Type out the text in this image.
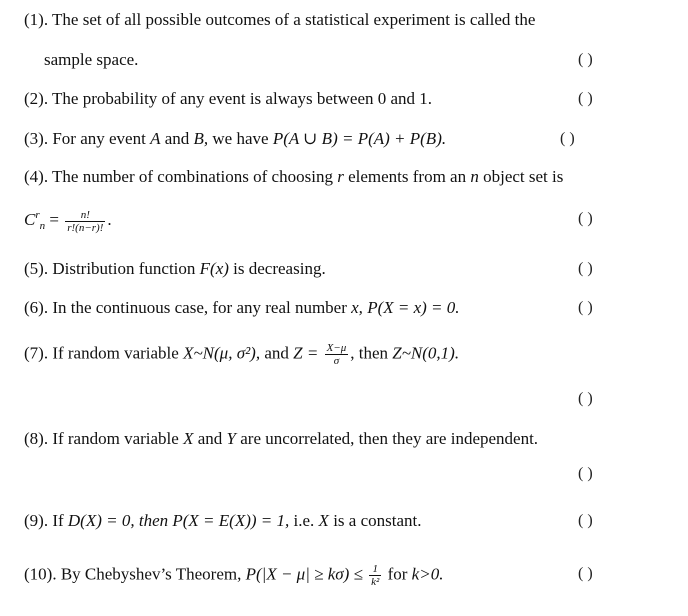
(1). The set of all possible outcomes of a statistical experiment is called the
sample space.	( )
(2). The probability of any event is always between 0 and 1.	( )
(3). For any event A and B, we have P(A ∪ B) = P(A) + P(B).	( )
(4). The number of combinations of choosing r elements from an n object set is
$C^r_n = \frac{n!}{r!(n-r)!}$ .	( )
(5). Distribution function F(x) is decreasing.	( )
(6). In the continuous case, for any real number x, P(X = x) = 0.	( )
(7). If random variable X~N(μ, σ²), and $Z = \frac{X-\mu}{\sigma}$ , then Z~N(0,1).
( )
(8). If random variable X and Y are uncorrelated, then they are independent.
( )
(9). If D(X) = 0, then P(X = E(X)) = 1, i.e. X is a constant.	( )
(10). By Chebyshev’s Theorem, $P(|X - \mu| \ge k\sigma) \le \frac{1}{\text{k²}}$ for k>0.	( )
